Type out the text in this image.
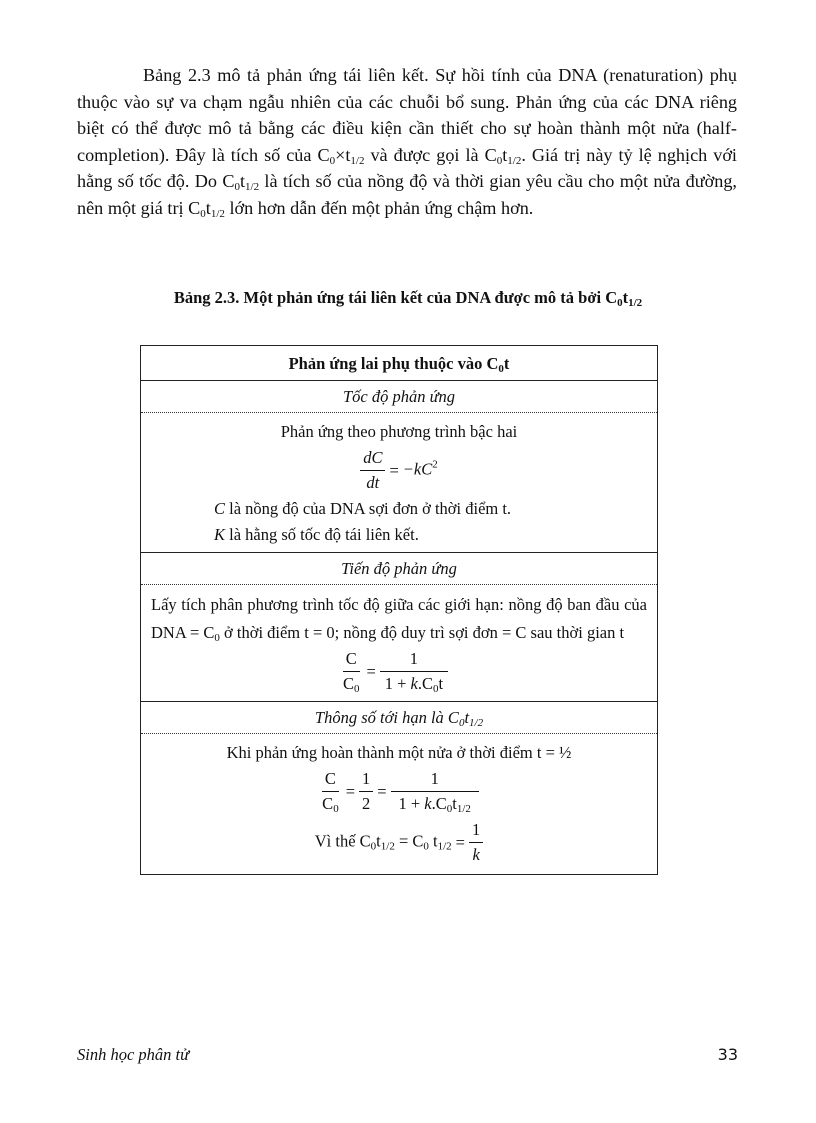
Bảng 2.3 mô tả phản ứng tái liên kết. Sự hồi tính của DNA (renaturation) phụ thuộc vào sự va chạm ngẫu nhiên của các chuỗi bổ sung. Phản ứng của các DNA riêng biệt có thể được mô tả bằng các điều kiện cần thiết cho sự hoàn thành một nửa (half-completion). Đây là tích số của $C_0\times t_{1/2}$ và được gọi là $C_0t_{1/2}$. Giá trị này tỷ lệ nghịch với hằng số tốc độ. Do $C_0t_{1/2}$ là tích số của nồng độ và thời gian yêu cầu cho một nửa đường, nên một giá trị $C_0t_{1/2}$ lớn hơn dẫn đến một phản ứng chậm hơn.
Bảng 2.3. Một phản ứng tái liên kết của DNA được mô tả bởi $C_0t_{1/2}$
Phản ứng lai phụ thuộc vào $C_0t$
Tốc độ phản ứng
Phản ứng theo phương trình bậc hai
$\frac{dC}{dt} = -kC^2$
C là nồng độ của DNA sợi đơn ở thời điểm t.
K là hằng số tốc độ tái liên kết.
Tiến độ phản ứng
Lấy tích phân phương trình tốc độ giữa các giới hạn: nồng độ ban đầu của DNA = $C_0$ ở thời điểm t = 0; nồng độ duy trì sợi đơn = C sau thời gian t
$\frac{C}{C_0} = \frac{1}{1 + k.C_0t}$
Thông số tới hạn là $C_0t_{1/2}$
Khi phản ứng hoàn thành một nửa ở thời điểm t = ½
$\frac{C}{C_0} = \frac{1}{2} = \frac{1}{1 + k.C_0t_{1/2}}$
Vì thế $C_0t_{1/2} = C_0$ $t_{1/2} = \frac{1}{k}$
Sinh học phân tử	33
